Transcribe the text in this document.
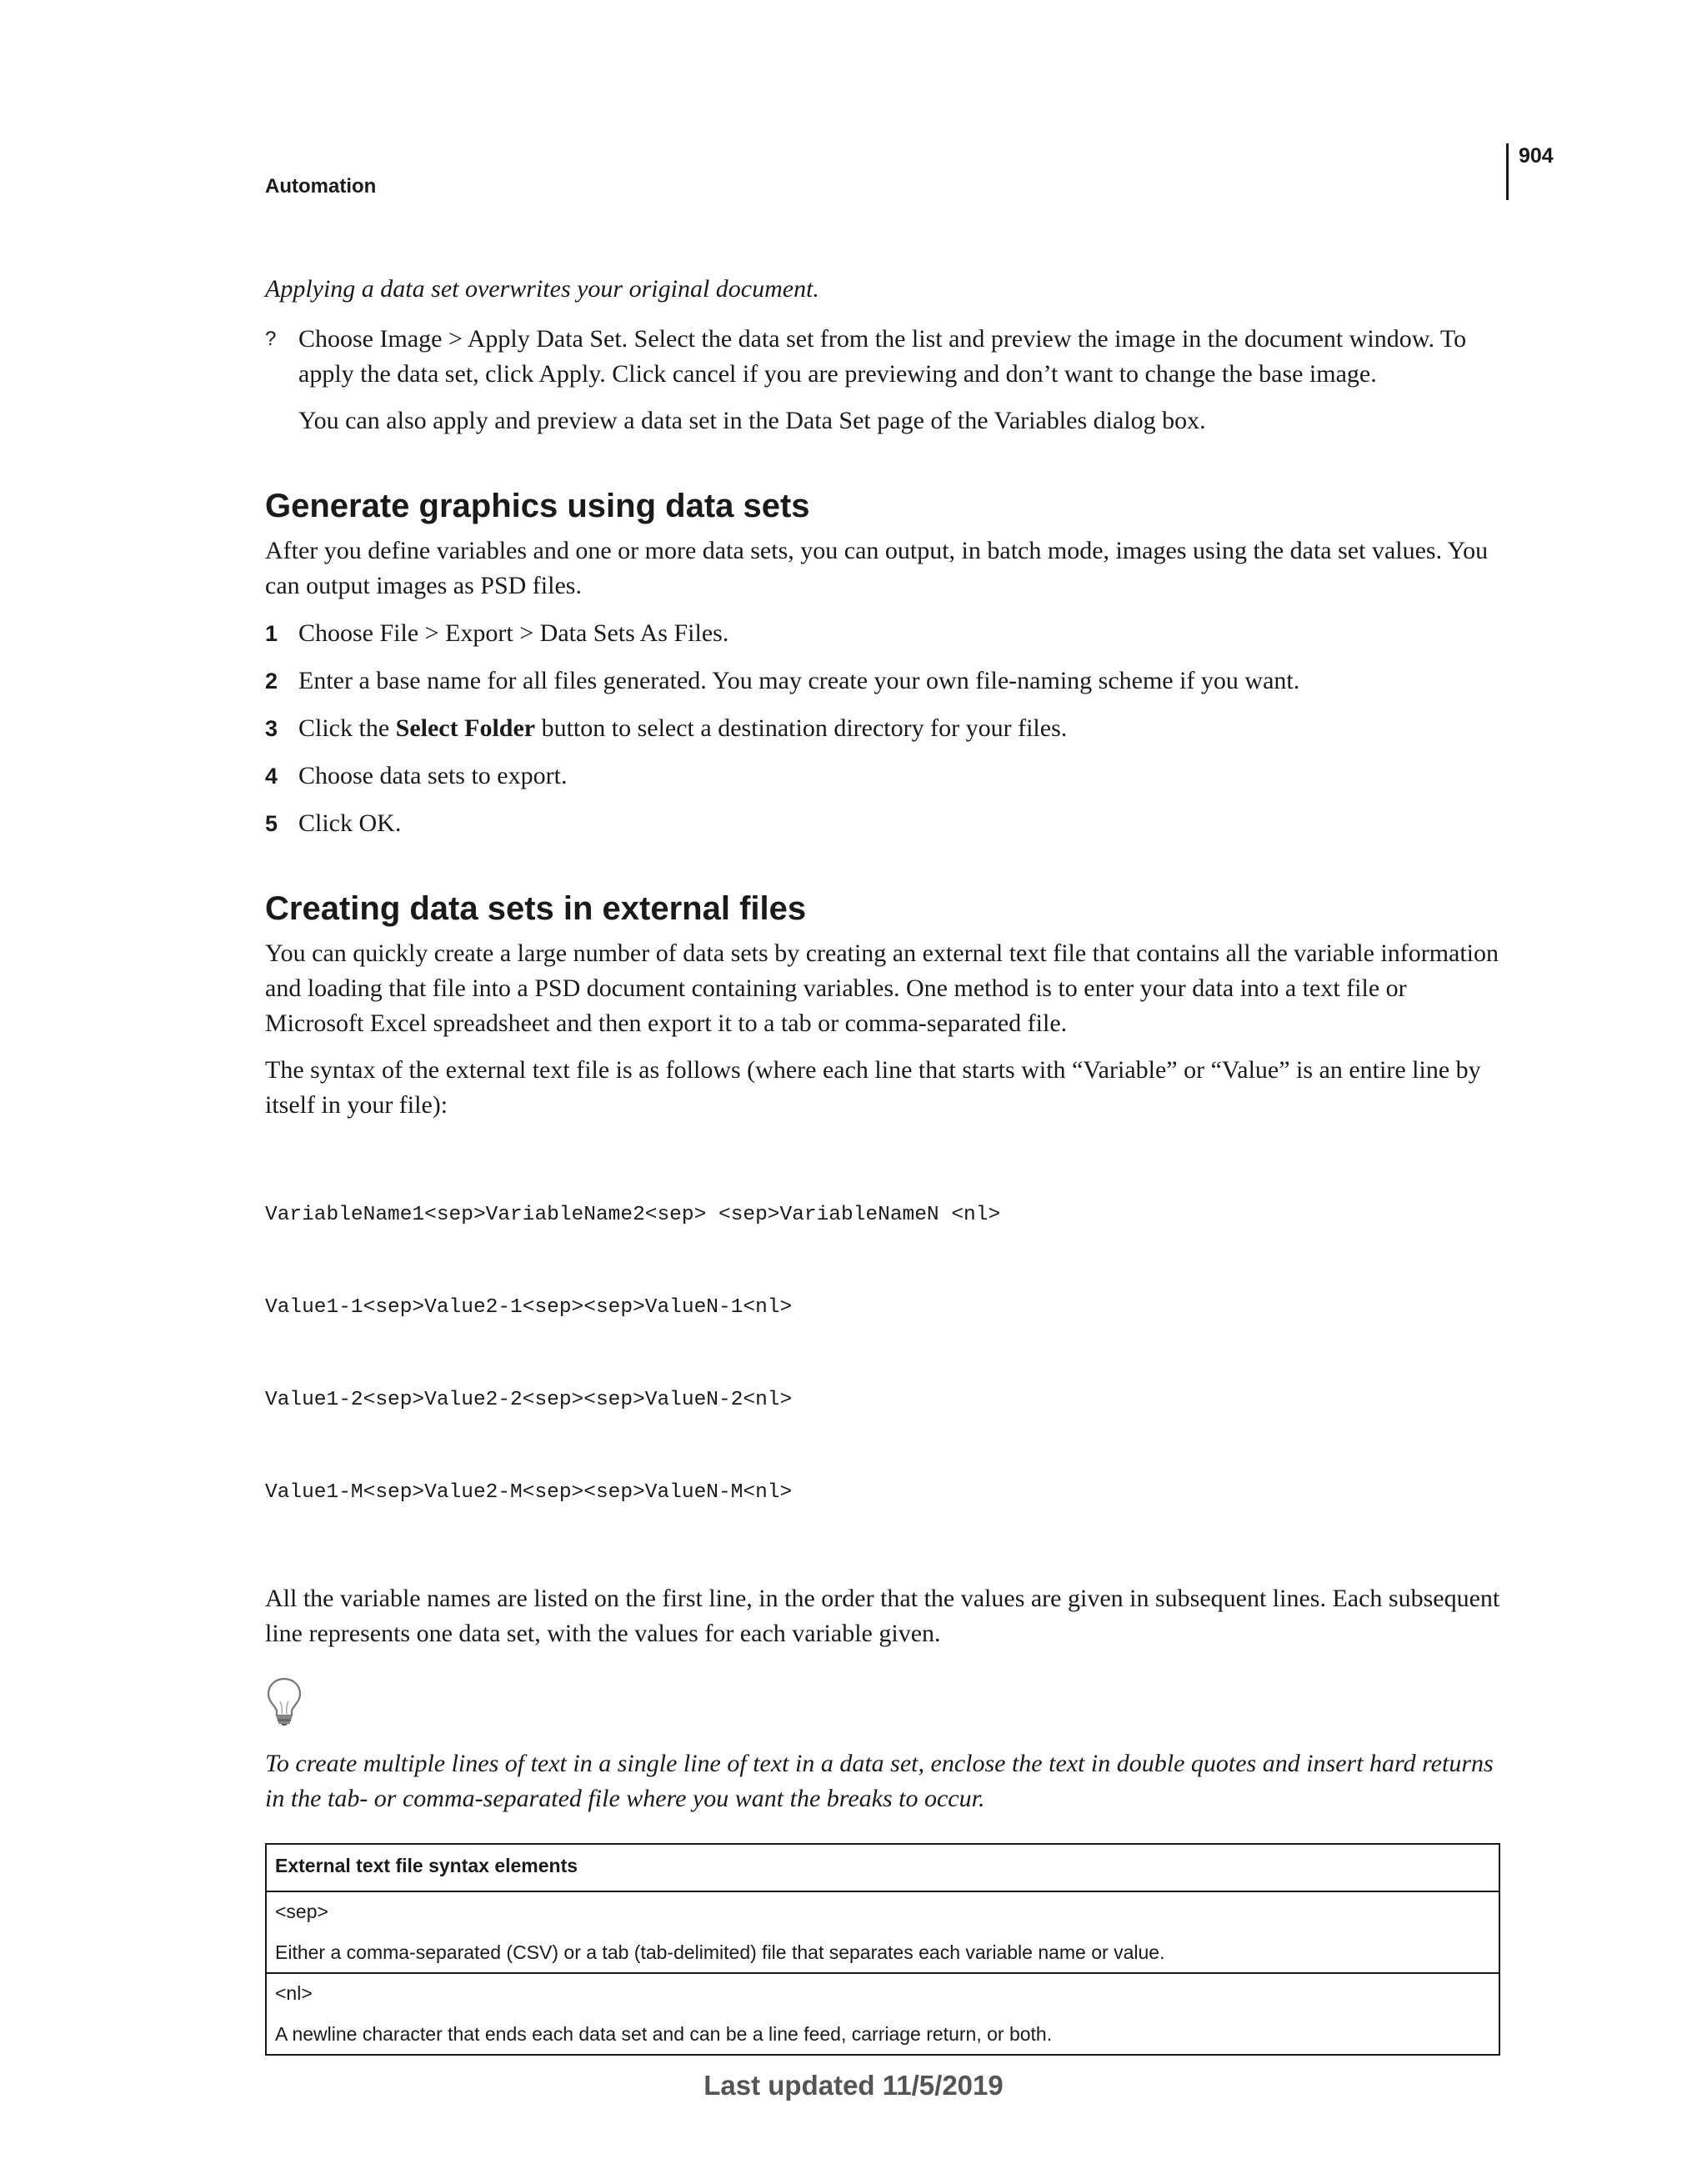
904
Automation

Applying a data set overwrites your original document.

? Choose Image > Apply Data Set. Select the data set from the list and preview the image in the document window. To apply the data set, click Apply. Click cancel if you are previewing and don’t want to change the base image.

You can also apply and preview a data set in the Data Set page of the Variables dialog box.

Generate graphics using data sets

After you define variables and one or more data sets, you can output, in batch mode, images using the data set values. You can output images as PSD files.

1 Choose File > Export > Data Sets As Files.
2 Enter a base name for all files generated. You may create your own file-naming scheme if you want.
3 Click the Select Folder button to select a destination directory for your files.
4 Choose data sets to export.
5 Click OK.
Creating data sets in external files

You can quickly create a large number of data sets by creating an external text file that contains all the variable information and loading that file into a PSD document containing variables. One method is to enter your data into a text file or Microsoft Excel spreadsheet and then export it to a tab or comma-separated file.

The syntax of the external text file is as follows (where each line that starts with “Variable” or “Value” is an entire line by itself in your file):

VariableName1<sep>VariableName2<sep> <sep>VariableNameN <nl>

Value1-1<sep>Value2-1<sep><sep>ValueN-1<nl>

Value1-2<sep>Value2-2<sep><sep>ValueN-2<nl>

Value1-M<sep>Value2-M<sep><sep>ValueN-M<nl>

All the variable names are listed on the first line, in the order that the values are given in subsequent lines. Each subsequent line represents one data set, with the values for each variable given.

To create multiple lines of text in a single line of text in a data set, enclose the text in double quotes and insert hard returns in the tab- or comma-separated file where you want the breaks to occur.

External text file syntax elements

<sep>
Either a comma-separated (CSV) or a tab (tab-delimited) file that separates each variable name or value.

<nl>
A newline character that ends each data set and can be a line feed, carriage return, or both.
Last updated 11/5/2019
